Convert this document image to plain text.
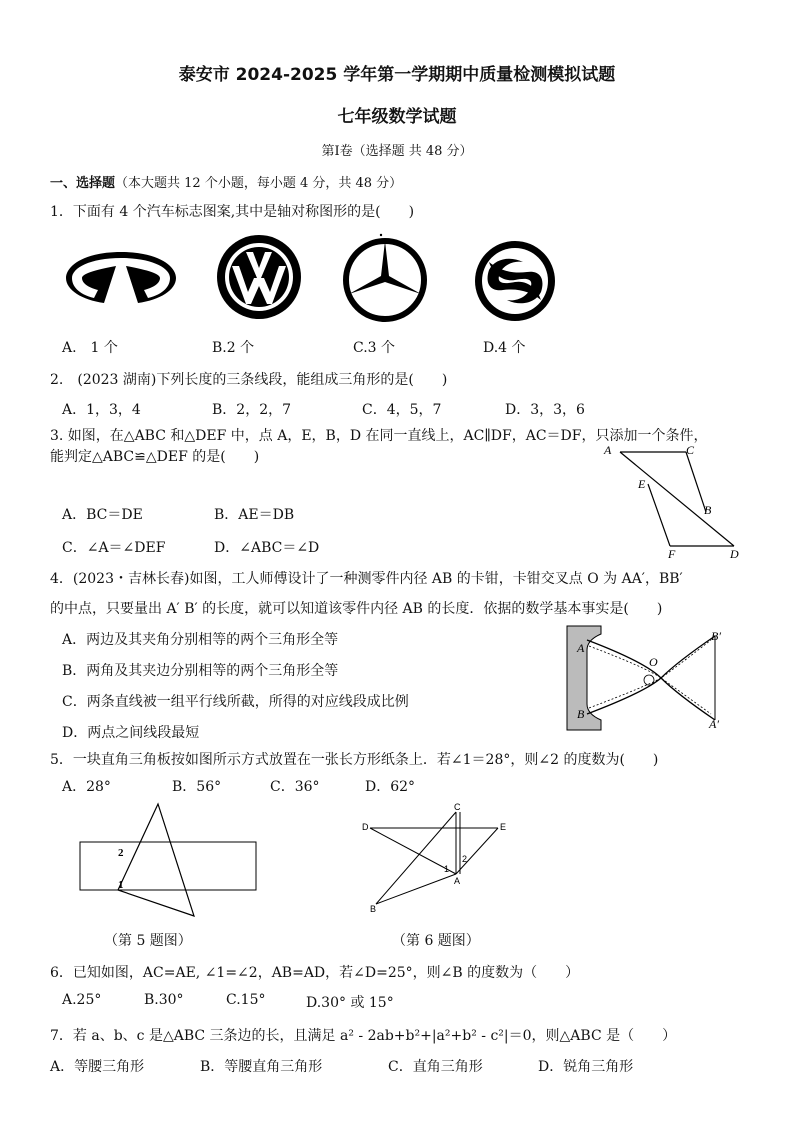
泰安市 2024-2025 学年第一学期期中质量检测模拟试题
七年级数学试题
第Ⅰ卷（选择题 共 48 分）
一、选择题（本大题共 12 个小题，每小题 4 分，共 48 分）
1．下面有 4 个汽车标志图案,其中是轴对称图形的是(　　)
A.　1 个	B.2 个	C.3 个	D.4 个
2.　(2023 湖南)下列长度的三条线段，能组成三角形的是(　　)
A．1，3，4	B．2，2，7	C．4，5，7	D．3，3，6
3. 如图，在△ABC 和△DEF 中，点 A，E，B，D 在同一直线上，AC∥DF，AC＝DF，只添加一个条件，
能判定△ABC≌△DEF 的是(　　)	A	C
E
B
F	D
A．BC＝DE	B．AE＝DB
C．∠A＝∠DEF	D．∠ABC＝∠D
4．(2023・吉林长春)如图，工人师傅设计了一种测零件内径 AB 的卡钳，卡钳交叉点 O 为 AA′，BB′
的中点，只要量出 A′ B′ 的长度，就可以知道该零件内径 AB 的长度．依据的数学基本事实是(　　)
A．两边及其夹角分别相等的两个三角形全等
B．两角及其夹边分别相等的两个三角形全等
C．两条直线被一组平行线所截，所得的对应线段成比例
D．两点之间线段最短
A
B
O
B′
A′
5．一块直角三角板按如图所示方式放置在一张长方形纸条上．若∠1＝28°，则∠2 的度数为(　　)
A．28°	B．56°	C．36°	D．62°
2
1
（第 5 题图）
D
C
E
2
1
A
B
（第 6 题图）
6．已知如图，AC=AE, ∠1=∠2，AB=AD，若∠D=25°，则∠B 的度数为（　　）
A.25°	B.30°	C.15°	D.30° 或 15°
7．若 a、b、c 是△ABC 三条边的长，且满足 a² - 2ab+b²+|a²+b² - c²|＝0，则△ABC 是（　　）
A．等腰三角形	B．等腰直角三角形	C．直角三角形	D．锐角三角形
